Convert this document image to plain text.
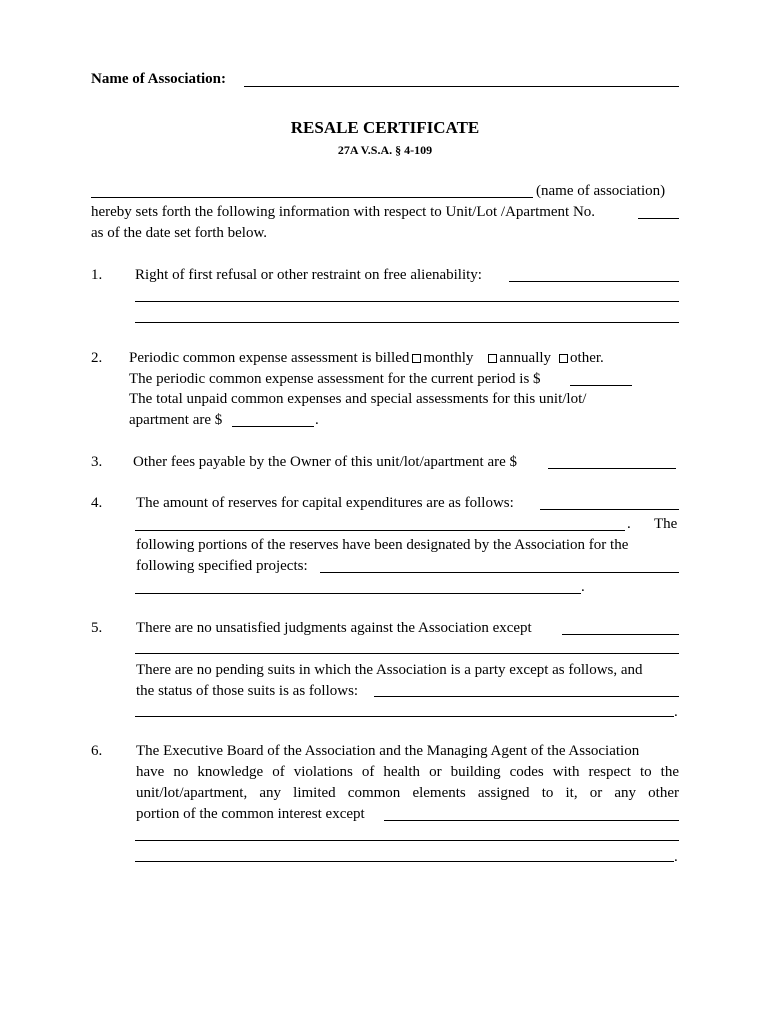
Name of Association:
RESALE CERTIFICATE
27A V.S.A. § 4-109
(name of association)
hereby sets forth the following information with respect to Unit/Lot /Apartment No.
as of the date set forth below.
1. Right of first refusal or other restraint on free alienability:
2. Periodic common expense assessment is billed monthly annually other.
The periodic common expense assessment for the current period is $
The total unpaid common expenses and special assessments for this unit/lot/
apartment are $	.
3. Other fees payable by the Owner of this unit/lot/apartment are $
4. The amount of reserves for capital expenditures are as follows:
. The
following portions of the reserves have been designated by the Association for the
following specified projects:
.
5. There are no unsatisfied judgments against the Association except
There are no pending suits in which the Association is a party except as follows, and
the status of those suits is as follows:
.
6. The Executive Board of the Association and the Managing Agent of the Association
have no knowledge of violations of health or building codes with respect to the
unit/lot/apartment, any limited common elements assigned to it, or any other
portion of the common interest except
.
